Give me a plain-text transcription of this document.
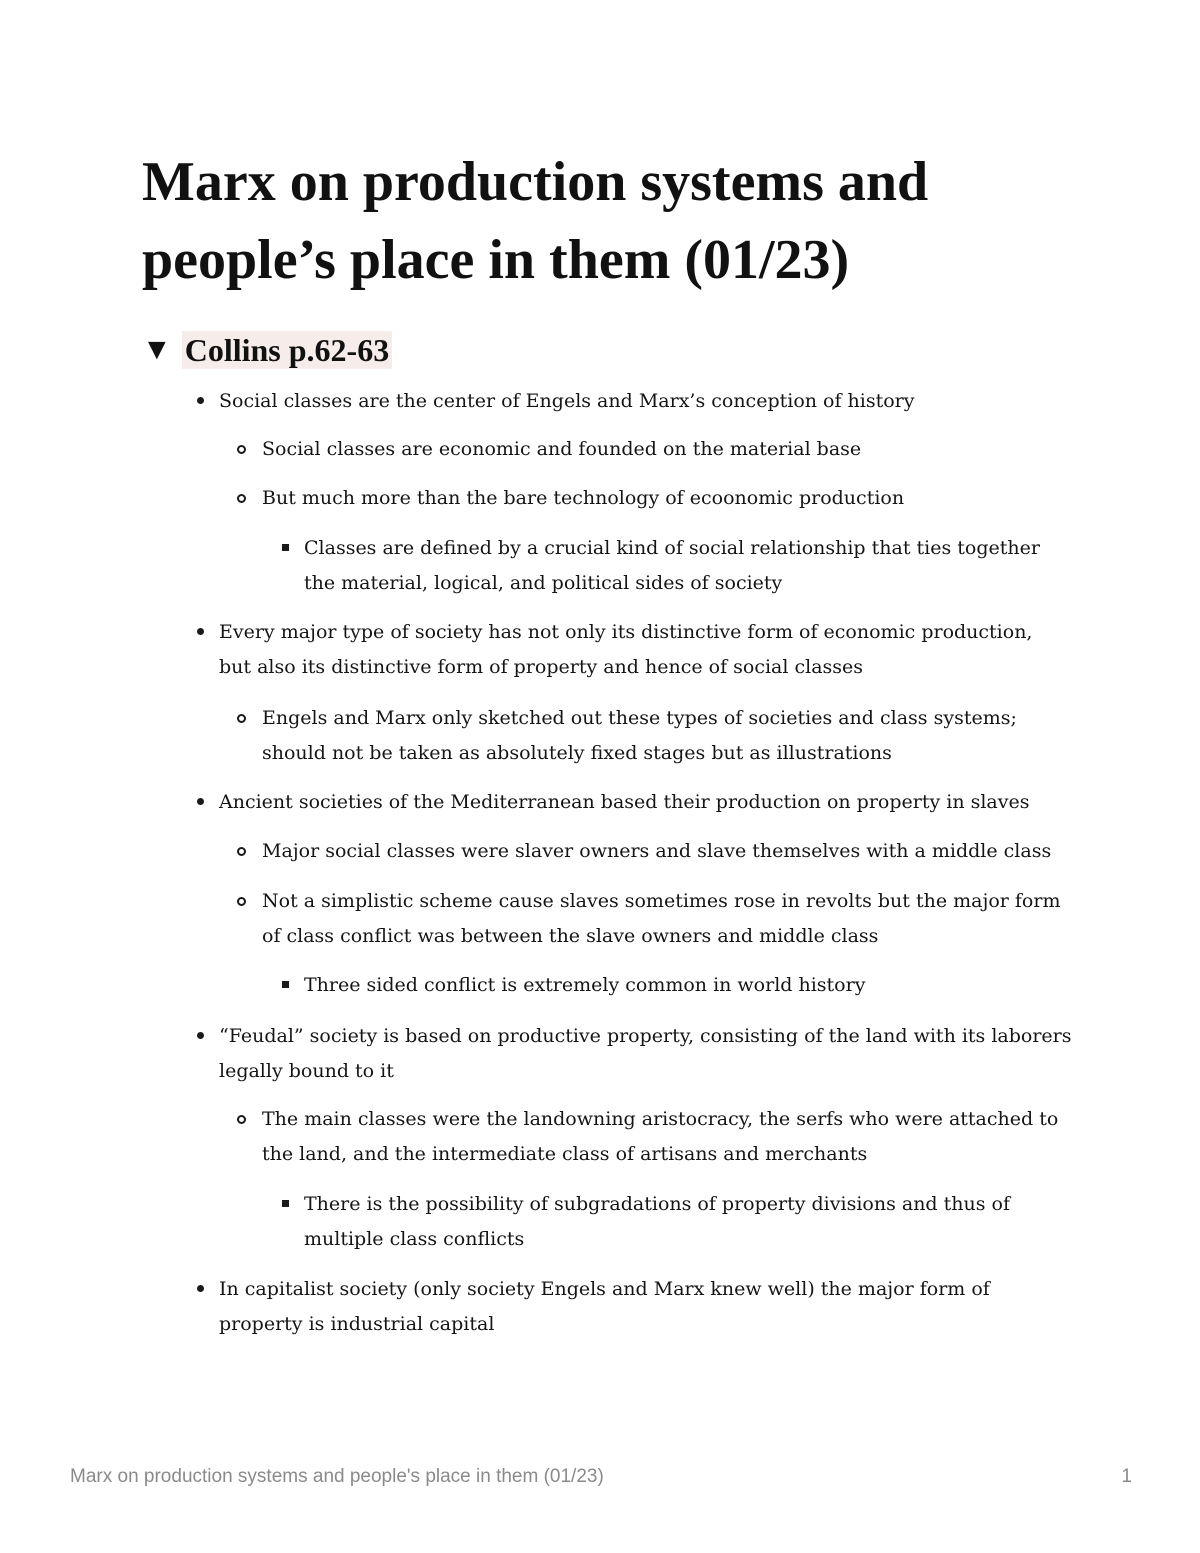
Marx on production systems and people’s place in them (01/23)
▼ Collins p.62-63
Social classes are the center of Engels and Marx’s conception of history
Social classes are economic and founded on the material base
But much more than the bare technology of ecoonomic production
Classes are defined by a crucial kind of social relationship that ties together the material, logical, and political sides of society
Every major type of society has not only its distinctive form of economic production, but also its distinctive form of property and hence of social classes
Engels and Marx only sketched out these types of societies and class systems; should not be taken as absolutely fixed stages but as illustrations
Ancient societies of the Mediterranean based their production on property in slaves
Major social classes were slaver owners and slave themselves with a middle class
Not a simplistic scheme cause slaves sometimes rose in revolts but the major form of class conflict was between the slave owners and middle class
Three sided conflict is extremely common in world history
“Feudal” society is based on productive property, consisting of the land with its laborers legally bound to it
The main classes were the landowning aristocracy, the serfs who were attached to the land, and the intermediate class of artisans and merchants
There is the possibility of subgradations of property divisions and thus of multiple class conflicts
In capitalist society (only society Engels and Marx knew well) the major form of property is industrial capital
Marx on production systems and people's place in them (01/23)	1
